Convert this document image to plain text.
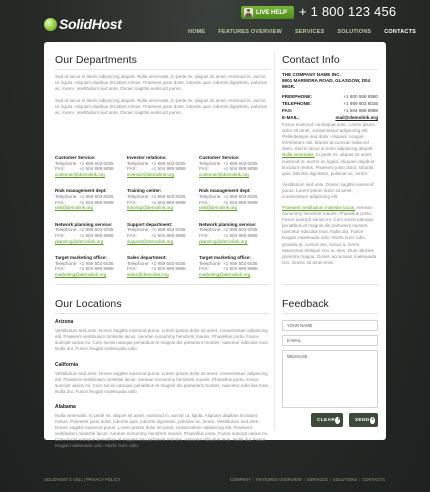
SolidHost
LIVE HELP + 1 800 123 456
HOME FEATURES OVERVIEW SERVICES SOLUTIONS CONTACTS
Our Departments

Sed ut lacus et libero adipiscing aliquet. Nulla venenatis. In pede mi, aliquet sit amet, euismod in, auctor ut, ligula. Aliquam dapibus tincidunt metus. Praesent justo dolor, lobortis quis, lobortis dignissim, pulvinar ac, lorem. Vestibulum sed ante. Donec sagittis euismod purus.

Sed ut lacus et libero adipiscing aliquet. Nulla venenatis. In pede mi, aliquet sit amet, euismod in, auctor ut, ligula. Aliquam dapibus tincidunt metus. Praesent justo dolor, lobortis quis, lobortis dignissim, pulvinar ac, lorem. Vestibulum sed ante. Donec sagittis euismod purus.

Customer Service:
Telephone: +1 959 603 6035
FAX:	+1 504 889 9898
customer@demolink.org
Investor relations:
Telephone: +1 959 603 6035
FAX:	+1 504 889 9898
investor@demolink.org
Customer Service:
Telephone: +1 959 603 6035
FAX:	+1 504 889 9898
customer@demolink.org
Risk management dept:
Telephone: +1 959 603 6035
FAX:	+1 504 889 9898
risk@demolink.org
Training center:
Telephone: +1 959 603 6035
FAX:	+1 504 889 9898
training@demolink.org
Risk management dept:
Telephone: +1 959 603 6035
FAX:	+1 504 889 9898
risk@demolink.org
Network planning service:
Telephone: +1 959 603 6035
FAX:	+1 504 889 9898
planning@demolink.org
Support department:
Telephone: +1 959 603 6035
FAX:	+1 504 889 9898
support@demolink.org
Network planning service:
Telephone: +1 959 603 6035
FAX:	+1 504 889 9898
planning@demolink.org
Target marketing office:
Telephone: +1 959 603 6035
FAX:	+1 504 889 9898
marketing@demolink.org
Sales department:
Telephone: +1 959 603 6035
FAX:	+1 504 889 9898
sales@demolink.org
Target marketing office:
Telephone: +1 959 603 6035
FAX:	+1 504 889 9898
marketing@demolink.org
Our Locations
Arizona

Vestibulum sed ante. Donec sagittis euismod purus. Lorem ipsum dolor sit amet, consectetuer adipiscing elit. Praesent vestibulum molestie lacus. Aenean nonummy hendrerit mauris. Phasellus porta. Fusce suscipit varius mi. Cum sociis natoque penatibus et magnis dis parturient montes, nascetur ridiculus mus. Nulla dui. Fusce feugiat malesuada odio.

California

Vestibulum sed ante. Donec sagittis euismod purus. Lorem ipsum dolor sit amet, consectetuer adipiscing elit. Praesent vestibulum molestie lacus. Aenean nonummy hendrerit mauris. Phasellus porta. Fusce suscipit varius mi. Cum sociis natoque penatibus et magnis dis parturient montes, nascetur ridiculus mus. Nulla dui. Fusce feugiat malesuada odio.

Alabama

Nulla venenatis. In pede mi, aliquet sit amet, euismod in, auctor ut, ligula. Aliquam dapibus tincidunt metus. Praesent justo dolor, lobortis quis, lobortis dignissim, pulvinar ac, lorem. Vestibulum sed ante. Donec sagittis euismod purus. Lorem ipsum dolor sit amet, consectetuer adipiscing elit. Praesent vestibulum molestie lacus. Aenean nonummy hendrerit mauris. Phasellus porta. Fusce suscipit varius mi. Cum sociis natoque penatibus et magnis dis parturient montes, nascetur ridiculus mus. Nulla dui. Fusce feugiat malesuada odio. Morbi nunc odio.

Contact Info
THE COMPANY NAME INC.
8901 MARMORA ROAD, GLASGOW, D04 89GR.
FREEPHONE:	+1 800 559 6580
TELEPHONE:	+1 959 603 6035
FAX:	+1 504 889 9898
E-MAIL:	mail@demolink.org

Fusce euismod consequat ante. Lorem ipsum dolor sit amet, consectetuer adipiscing elit. Pellentesque sed dolor. Aliquam congue fermentum nisl. Mauris accumsan nulla vel diam. Sed in lacus ut enim adipiscing aliquet. Nulla venenatis. In pede mi, aliquet sit amet, euismod in, auctor ut, ligula. Aliquam dapibus tincidunt metus. Praesent justo dolor, lobortis quis, lobortis dignissim, pulvinar ac, lorem.

Vestibulum sed ante. Donec sagittis euismod purus. Lorem ipsum dolor sit amet, consectetuer adipiscing elit.

Praesent vestibulum molestie lacus. Aenean nonummy hendrerit mauris. Phasellus porta. Fusce suscipit varius mi. Cum sociis natoque penatibus et magnis dis parturient montes, nascetur ridiculus mus. Nulla dui. Fusce feugiat malesuada odio. Morbi nunc odio, gravida at, cursus nec, luctus a, lorem. Maecenas tristique orci ac sem. Duis ultricies pharetra magna. Donec accumsan malesuada orci. Donec sit amet eros.

Feedback
YOUR NAME
E-MAIL
MESSAGE
CLEAR	SEND
SOLIDHOST © 2011 | PRIVACY POLICY	COMPANY | FEATURES OVERVIEW | SERVICES | SOLUTIONS | CONTACTS
